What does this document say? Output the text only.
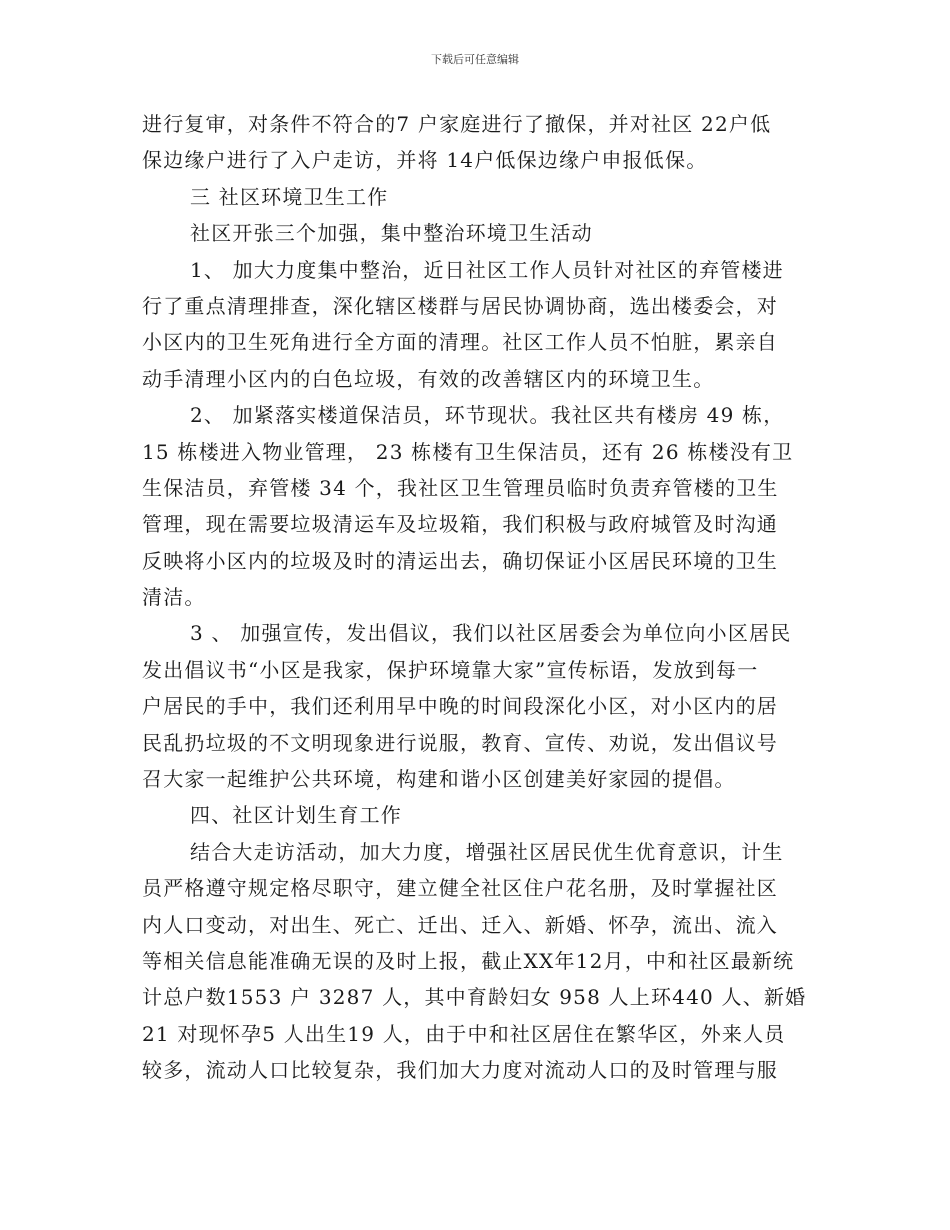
下载后可任意编辑
进行复审，对条件不符合的7 户家庭进行了撤保，并对社区 22户低
保边缘户进行了入户走访，并将 14户低保边缘户申报低保。
三 社区环境卫生工作
社区开张三个加强，集中整治环境卫生活动
1、 加大力度集中整治，近日社区工作人员针对社区的弃管楼进
行了重点清理排查，深化辖区楼群与居民协调协商，选出楼委会，对
小区内的卫生死角进行全方面的清理。社区工作人员不怕脏，累亲自
动手清理小区内的白色垃圾，有效的改善辖区内的环境卫生。
2、 加紧落实楼道保洁员，环节现状。我社区共有楼房 49 栋，
15 栋楼进入物业管理， 23 栋楼有卫生保洁员，还有 26 栋楼没有卫
生保洁员，弃管楼 34 个，我社区卫生管理员临时负责弃管楼的卫生
管理，现在需要垃圾清运车及垃圾箱，我们积极与政府城管及时沟通
反映将小区内的垃圾及时的清运出去，确切保证小区居民环境的卫生
清洁。
3 、 加强宣传，发出倡议，我们以社区居委会为单位向小区居民
发出倡议书“小区是我家，保护环境靠大家”宣传标语，发放到每一
户居民的手中，我们还利用早中晚的时间段深化小区，对小区内的居
民乱扔垃圾的不文明现象进行说服，教育、宣传、劝说，发出倡议号
召大家一起维护公共环境，构建和谐小区创建美好家园的提倡。
四、社区计划生育工作
结合大走访活动，加大力度，增强社区居民优生优育意识，计生
员严格遵守规定格尽职守，建立健全社区住户花名册，及时掌握社区
内人口变动，对出生、死亡、迁出、迁入、新婚、怀孕，流出、流入
等相关信息能准确无误的及时上报，截止XX年12月，中和社区最新统
计总户数1553 户 3287 人，其中育龄妇女 958 人上环440 人、新婚
21 对现怀孕5 人出生19 人，由于中和社区居住在繁华区，外来人员
较多，流动人口比较复杂，我们加大力度对流动人口的及时管理与服
